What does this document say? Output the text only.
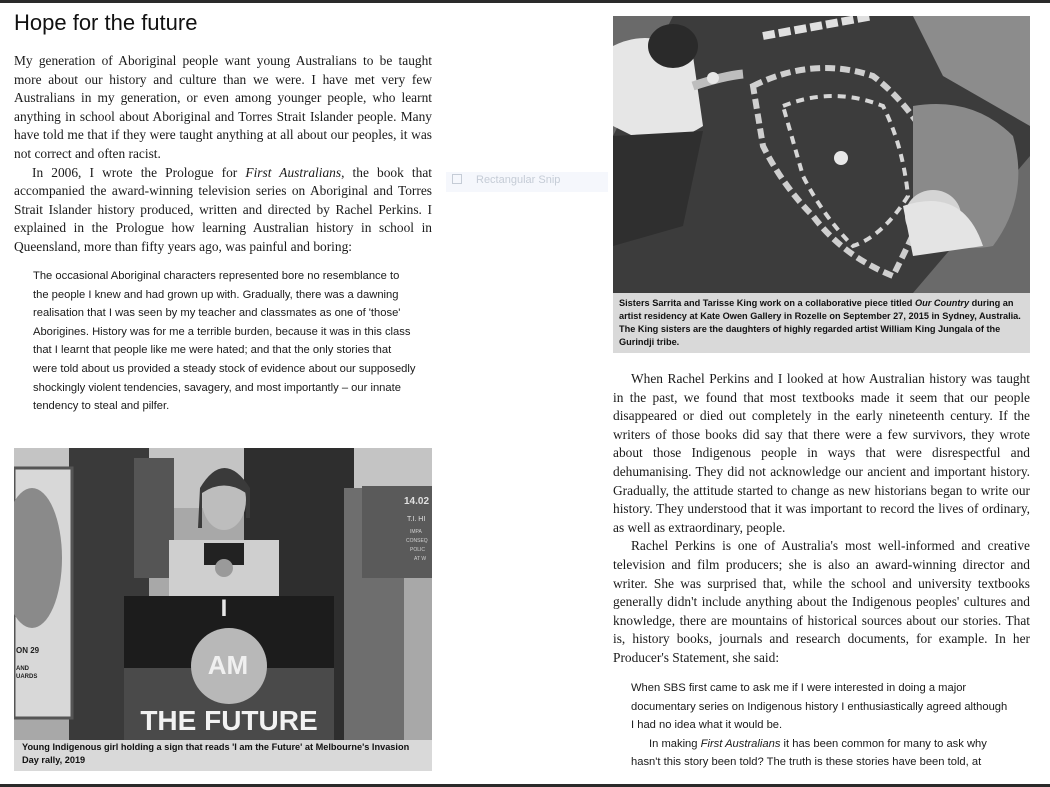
Hope for the future

My generation of Aboriginal people want young Australians to be taught more about our history and culture than we were. I have met very few Australians in my generation, or even among younger people, who learnt anything in school about Aboriginal and Torres Strait Islander people. Many have told me that if they were taught anything at all about our peoples, it was not correct and often racist.

In 2006, I wrote the Prologue for First Australians, the book that accompanied the award-winning television series on Aboriginal and Torres Strait Islander history produced, written and directed by Rachel Perkins. I explained in the Prologue how learning Australian history in school in Queensland, more than fifty years ago, was painful and boring:

The occasional Aboriginal characters represented bore no resemblance to the people I knew and had grown up with. Gradually, there was a dawning realisation that I was seen by my teacher and classmates as one of 'those' Aborigines. History was for me a terrible burden, because it was in this class that I learnt that people like me were hated; and that the only stories that were told about us provided a steady stock of evidence about our supposedly shockingly violent tendencies, savagery, and most importantly – our innate tendency to steal and pilfer.

I
AM
THE FUTURE
ON 29
AND
UARDS
14.02
T.I. HI
IMPA
CONSEQ
POLIC
AT W
Young Indigenous girl holding a sign that reads 'I am the Future' at Melbourne's Invasion Day rally, 2019
Sisters Sarrita and Tarisse King work on a collaborative piece titled Our Country during an artist residency at Kate Owen Gallery in Rozelle on September 27, 2015 in Sydney, Australia. The King sisters are the daughters of highly regarded artist William King Jungala of the Gurindji tribe.

When Rachel Perkins and I looked at how Australian history was taught in the past, we found that most textbooks made it seem that our people disappeared or died out completely in the early nineteenth century. If the writers of those books did say that there were a few survivors, they wrote about those Indigenous people in ways that were disrespectful and dehumanising. They did not acknowledge our ancient and important history. Gradually, the attitude started to change as new historians began to write our history. They understood that it was important to record the lives of ordinary, as well as extraordinary, people.

Rachel Perkins is one of Australia's most well-informed and creative television and film producers; she is also an award-winning director and writer. She was surprised that, while the school and university textbooks generally didn't include anything about the Indigenous peoples' cultures and knowledge, there are mountains of historical sources about our stories. That is, history books, journals and research documents, for example. In her Producer's Statement, she said:

When SBS first came to ask me if I were interested in doing a major documentary series on Indigenous history I enthusiastically agreed although I had no idea what it would be.

In making First Australians it has been common for many to ask why hasn't this story been told? The truth is these stories have been told, at

Rectangular Snip
